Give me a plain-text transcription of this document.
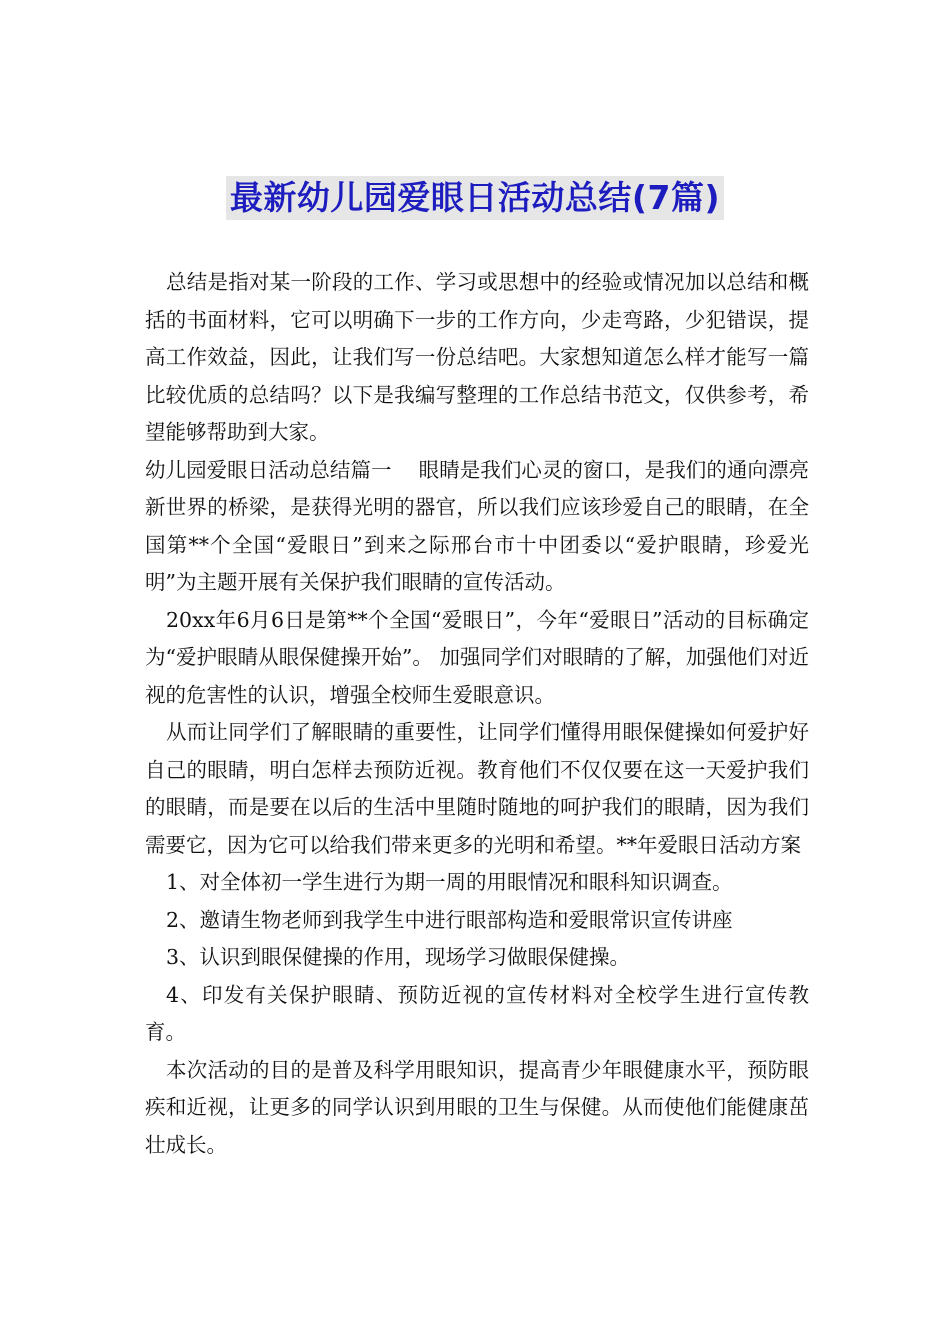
最新幼儿园爱眼日活动总结(7篇)

总结是指对某一阶段的工作、学习或思想中的经验或情况加以总结和概括的书面材料，它可以明确下一步的工作方向，少走弯路，少犯错误，提高工作效益，因此，让我们写一份总结吧。大家想知道怎么样才能写一篇比较优质的总结吗？以下是我编写整理的工作总结书范文，仅供参考，希望能够帮助到大家。

幼儿园爱眼日活动总结篇一　 眼睛是我们心灵的窗口，是我们的通向漂亮新世界的桥梁，是获得光明的器官，所以我们应该珍爱自己的眼睛，在全国第**个全国“爱眼日”到来之际邢台市十中团委以“爱护眼睛，珍爱光明”为主题开展有关保护我们眼睛的宣传活动。

20xx年6月6日是第**个全国“爱眼日”，今年“爱眼日”活动的目标确定为“爱护眼睛从眼保健操开始”。 加强同学们对眼睛的了解，加强他们对近视的危害性的认识，增强全校师生爱眼意识。

从而让同学们了解眼睛的重要性，让同学们懂得用眼保健操如何爱护好自己的眼睛，明白怎样去预防近视。教育他们不仅仅要在这一天爱护我们的眼睛，而是要在以后的生活中里随时随地的呵护我们的眼睛，因为我们需要它，因为它可以给我们带来更多的光明和希望。**年爱眼日活动方案

1、对全体初一学生进行为期一周的用眼情况和眼科知识调查。

2、邀请生物老师到我学生中进行眼部构造和爱眼常识宣传讲座

3、认识到眼保健操的作用，现场学习做眼保健操。

4、印发有关保护眼睛、预防近视的宣传材料对全校学生进行宣传教育。

本次活动的目的是普及科学用眼知识，提高青少年眼健康水平，预防眼疾和近视，让更多的同学认识到用眼的卫生与保健。从而使他们能健康茁壮成长。
